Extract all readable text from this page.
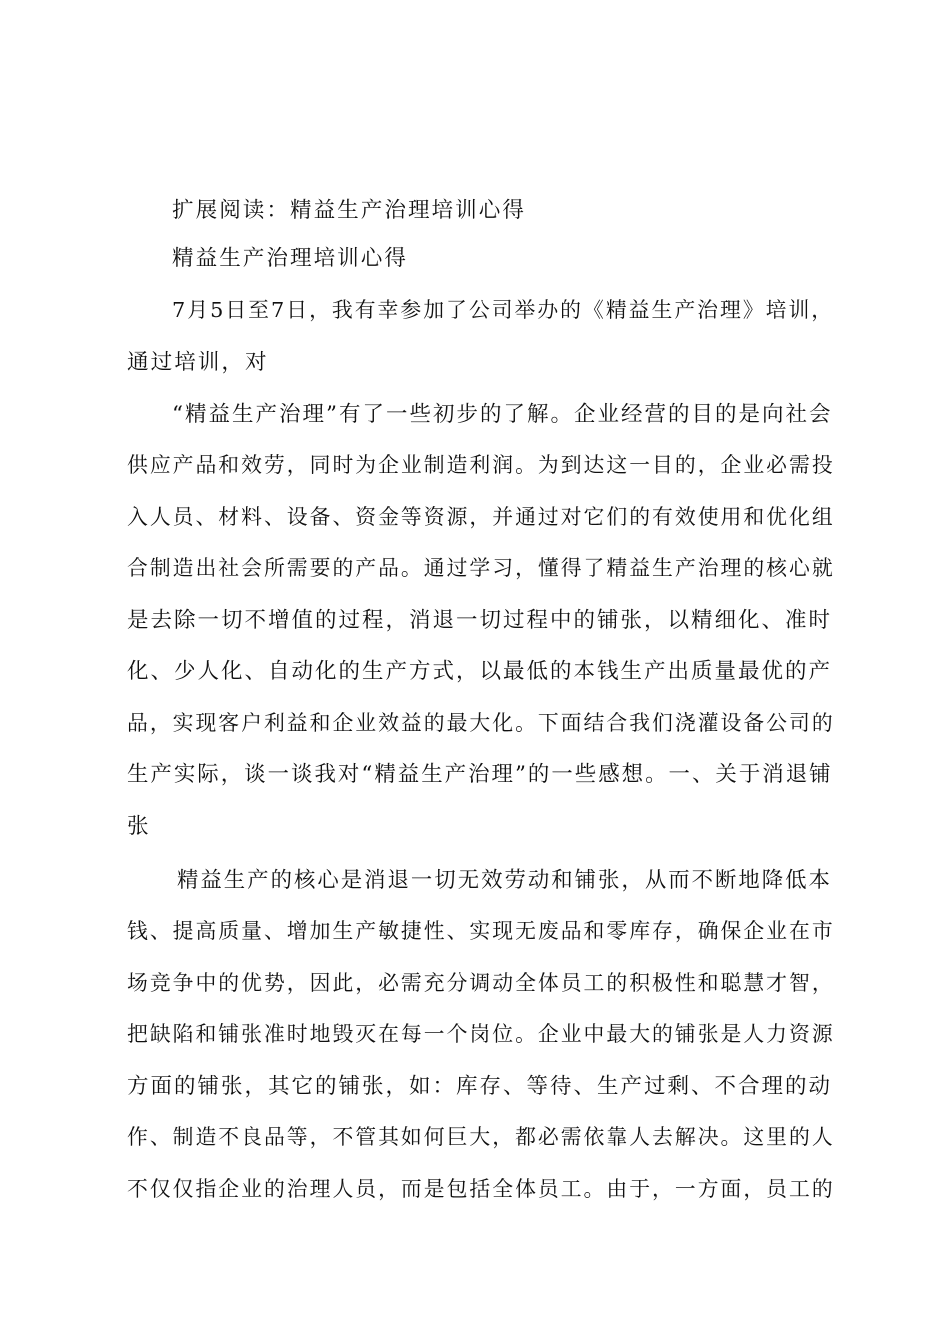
扩展阅读：精益生产治理培训心得
精益生产治理培训心得
7月5日至7日，我有幸参加了公司举办的《精益生产治理》培训，
通过培训，对
“精益生产治理”有了一些初步的了解。企业经营的目的是向社会
供应产品和效劳，同时为企业制造利润。为到达这一目的，企业必需投
入人员、材料、设备、资金等资源，并通过对它们的有效使用和优化组
合制造出社会所需要的产品。通过学习，懂得了精益生产治理的核心就
是去除一切不增值的过程，消退一切过程中的铺张，以精细化、准时
化、少人化、自动化的生产方式，以最低的本钱生产出质量最优的产
品，实现客户利益和企业效益的最大化。下面结合我们浇灌设备公司的
生产实际，谈一谈我对“精益生产治理”的一些感想。一、关于消退铺
张
精益生产的核心是消退一切无效劳动和铺张，从而不断地降低本
钱、提高质量、增加生产敏捷性、实现无废品和零库存，确保企业在市
场竞争中的优势，因此，必需充分调动全体员工的积极性和聪慧才智，
把缺陷和铺张准时地毁灭在每一个岗位。企业中最大的铺张是人力资源
方面的铺张，其它的铺张，如：库存、等待、生产过剩、不合理的动
作、制造不良品等，不管其如何巨大，都必需依靠人去解决。这里的人
不仅仅指企业的治理人员，而是包括全体员工。由于，一方面，员工的
